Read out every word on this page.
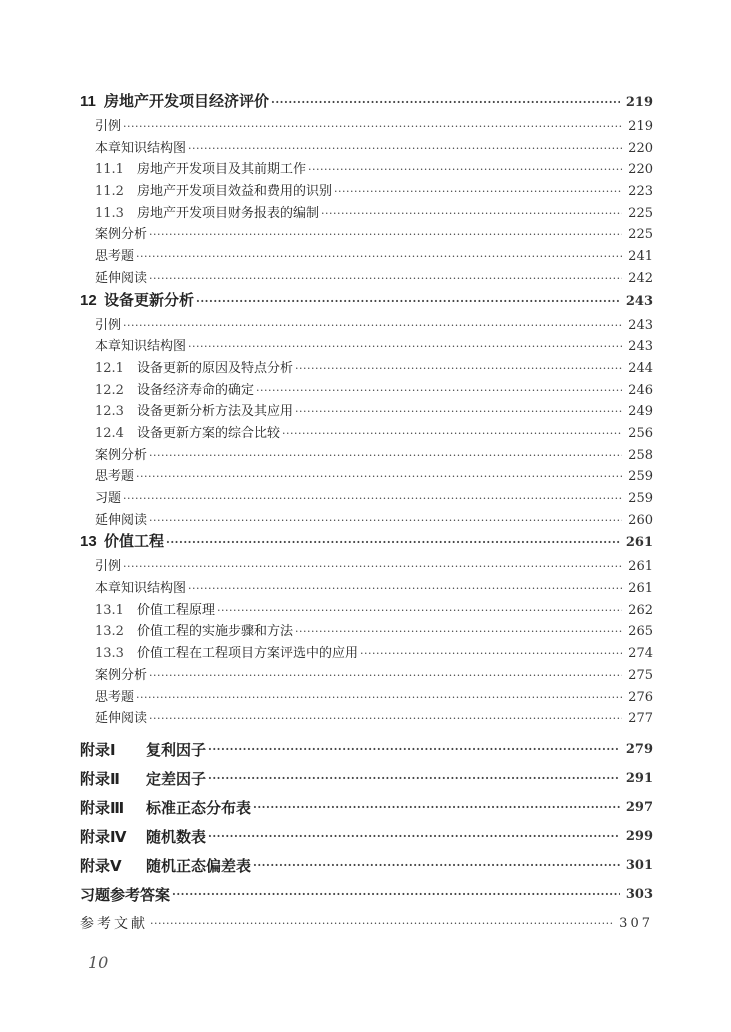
11 房地产开发项目经济评价 ·····	219
引例 ·····	219
本章知识结构图 ·····	220
11.1 房地产开发项目及其前期工作 ·····	220
11.2 房地产开发项目效益和费用的识别 ·····	223
11.3 房地产开发项目财务报表的编制 ·····	225
案例分析 ·····	225
思考题 ·····	241
延伸阅读 ·····	242
12 设备更新分析 ·····	243
引例 ·····	243
本章知识结构图 ·····	243
12.1 设备更新的原因及特点分析 ·····	244
12.2 设备经济寿命的确定 ·····	246
12.3 设备更新分析方法及其应用 ·····	249
12.4 设备更新方案的综合比较 ·····	256
案例分析 ·····	258
思考题 ·····	259
习题 ·····	259
延伸阅读 ·····	260
13 价值工程 ·····	261
引例 ·····	261
本章知识结构图 ·····	261
13.1 价值工程原理 ·····	262
13.2 价值工程的实施步骤和方法 ·····	265
13.3 价值工程在工程项目方案评选中的应用 ·····	274
案例分析 ·····	275
思考题 ·····	276
延伸阅读 ·····	277
附录Ⅰ 复利因子 ·····	279
附录Ⅱ 定差因子 ·····	291
附录Ⅲ 标准正态分布表 ·····	297
附录Ⅳ 随机数表 ·····	299
附录Ⅴ 随机正态偏差表 ·····	301
习题参考答案 ·····	303
参考文献 ·····	307
10
